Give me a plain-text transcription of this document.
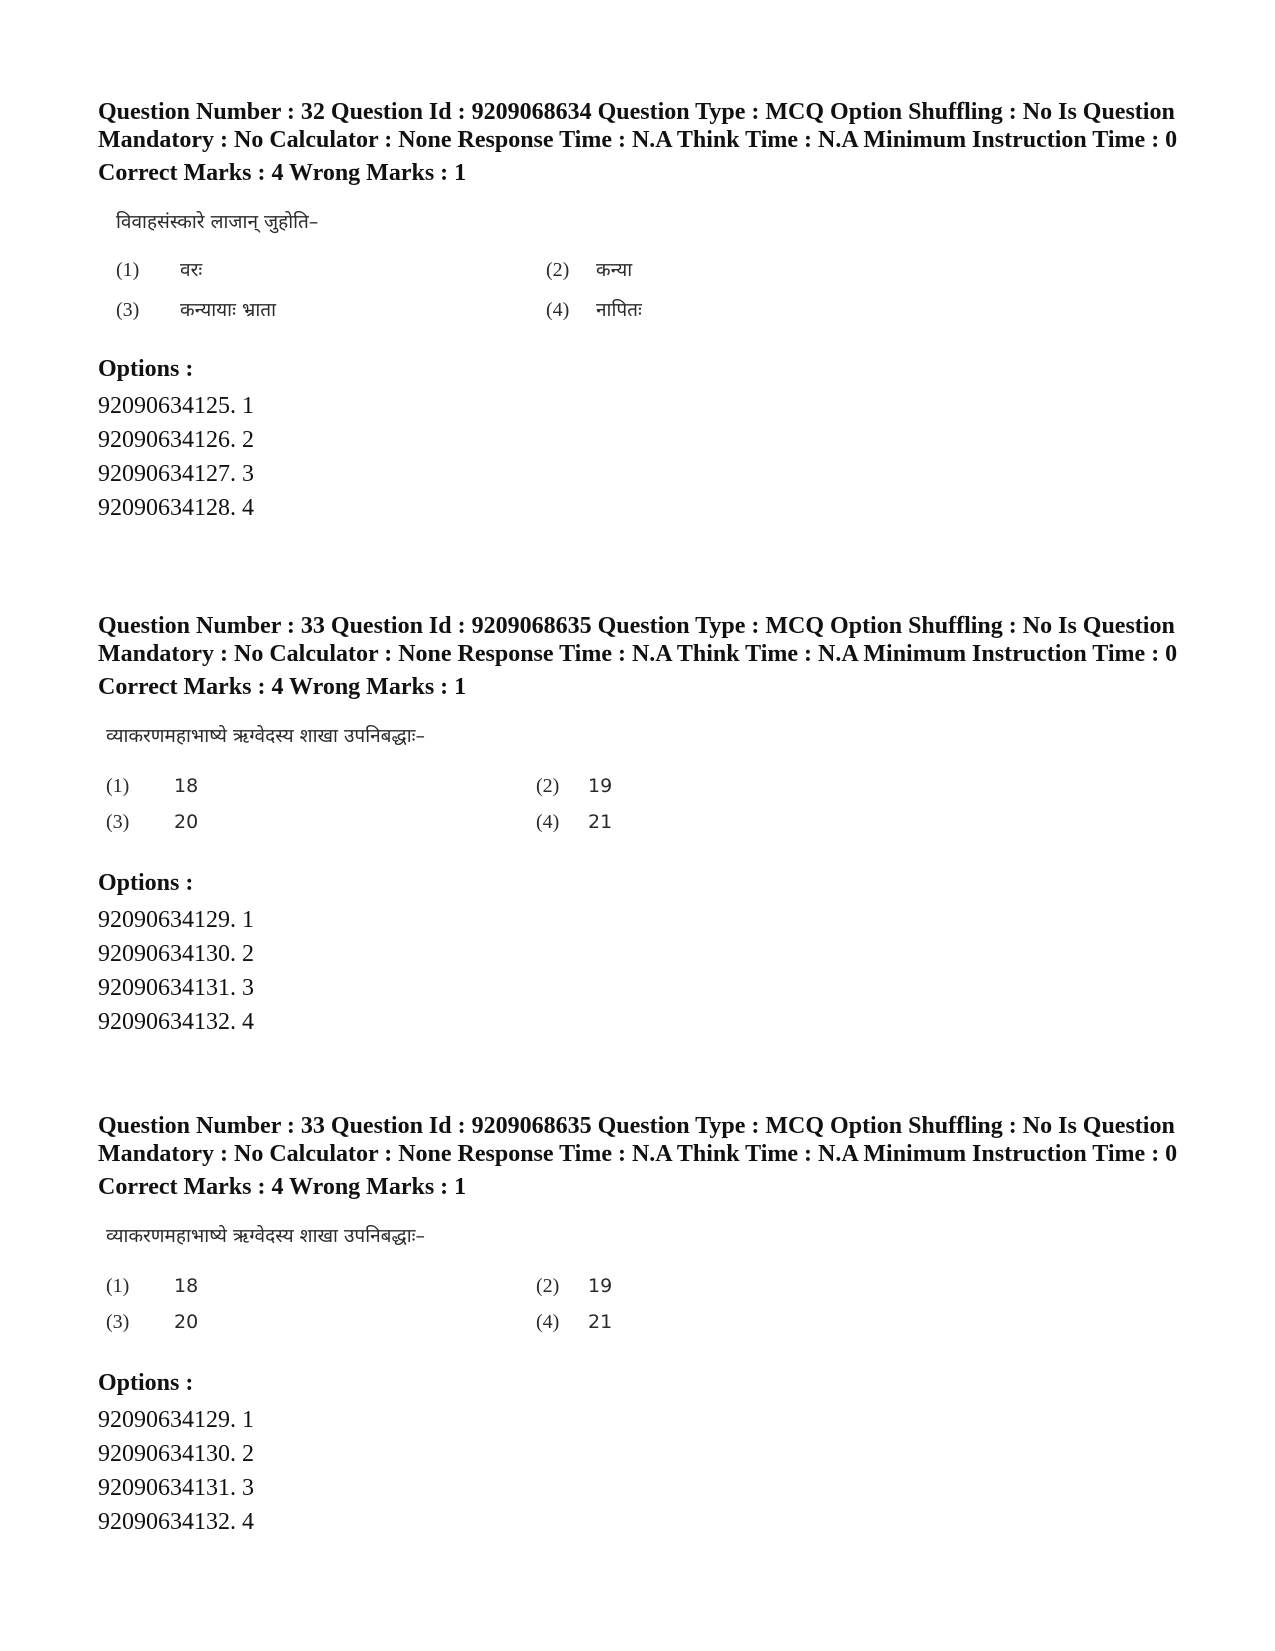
Question Number : 32 Question Id : 9209068634 Question Type : MCQ Option Shuffling : No Is Question Mandatory : No Calculator : None Response Time : N.A Think Time : N.A Minimum Instruction Time : 0

Correct Marks : 4 Wrong Marks : 1

विवाहसंस्कारे लाजान् जुहोति–
(1) वरः	(2) कन्या
(3) कन्यायाः भ्राता	(4) नापितः

Options :

92090634125. 1
92090634126. 2
92090634127. 3
92090634128. 4

Question Number : 33 Question Id : 9209068635 Question Type : MCQ Option Shuffling : No Is Question Mandatory : No Calculator : None Response Time : N.A Think Time : N.A Minimum Instruction Time : 0

Correct Marks : 4 Wrong Marks : 1

व्याकरणमहाभाष्ये ऋग्वेदस्य शाखा उपनिबद्धाः–
(1) 18	(2) 19
(3) 20	(4) 21

Options :

92090634129. 1
92090634130. 2
92090634131. 3
92090634132. 4

Question Number : 33 Question Id : 9209068635 Question Type : MCQ Option Shuffling : No Is Question Mandatory : No Calculator : None Response Time : N.A Think Time : N.A Minimum Instruction Time : 0

Correct Marks : 4 Wrong Marks : 1

व्याकरणमहाभाष्ये ऋग्वेदस्य शाखा उपनिबद्धाः–
(1) 18	(2) 19
(3) 20	(4) 21

Options :

92090634129. 1
92090634130. 2
92090634131. 3
92090634132. 4
